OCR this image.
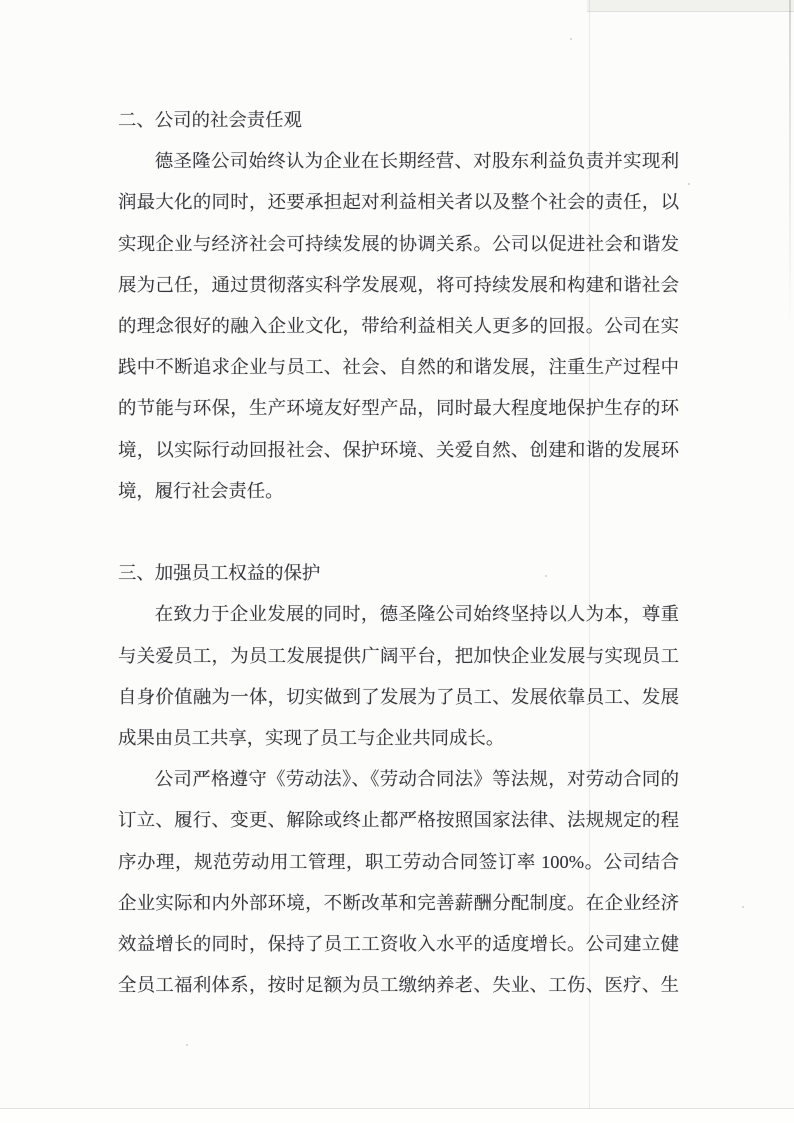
二、公司的社会责任观
德圣隆公司始终认为企业在长期经营、对股东利益负责并实现利
润最大化的同时，还要承担起对利益相关者以及整个社会的责任，以
实现企业与经济社会可持续发展的协调关系。公司以促进社会和谐发
展为己任，通过贯彻落实科学发展观，将可持续发展和构建和谐社会
的理念很好的融入企业文化，带给利益相关人更多的回报。公司在实
践中不断追求企业与员工、社会、自然的和谐发展，注重生产过程中
的节能与环保，生产环境友好型产品，同时最大程度地保护生存的环
境，以实际行动回报社会、保护环境、关爱自然、创建和谐的发展环
境，履行社会责任。
三、加强员工权益的保护
在致力于企业发展的同时，德圣隆公司始终坚持以人为本，尊重
与关爱员工，为员工发展提供广阔平台，把加快企业发展与实现员工
自身价值融为一体，切实做到了发展为了员工、发展依靠员工、发展
成果由员工共享，实现了员工与企业共同成长。
公司严格遵守《劳动法》、《劳动合同法》等法规，对劳动合同的
订立、履行、变更、解除或终止都严格按照国家法律、法规规定的程
序办理，规范劳动用工管理，职工劳动合同签订率 100%。公司结合
企业实际和内外部环境，不断改革和完善薪酬分配制度。在企业经济
效益增长的同时，保持了员工工资收入水平的适度增长。公司建立健
全员工福利体系，按时足额为员工缴纳养老、失业、工伤、医疗、生
